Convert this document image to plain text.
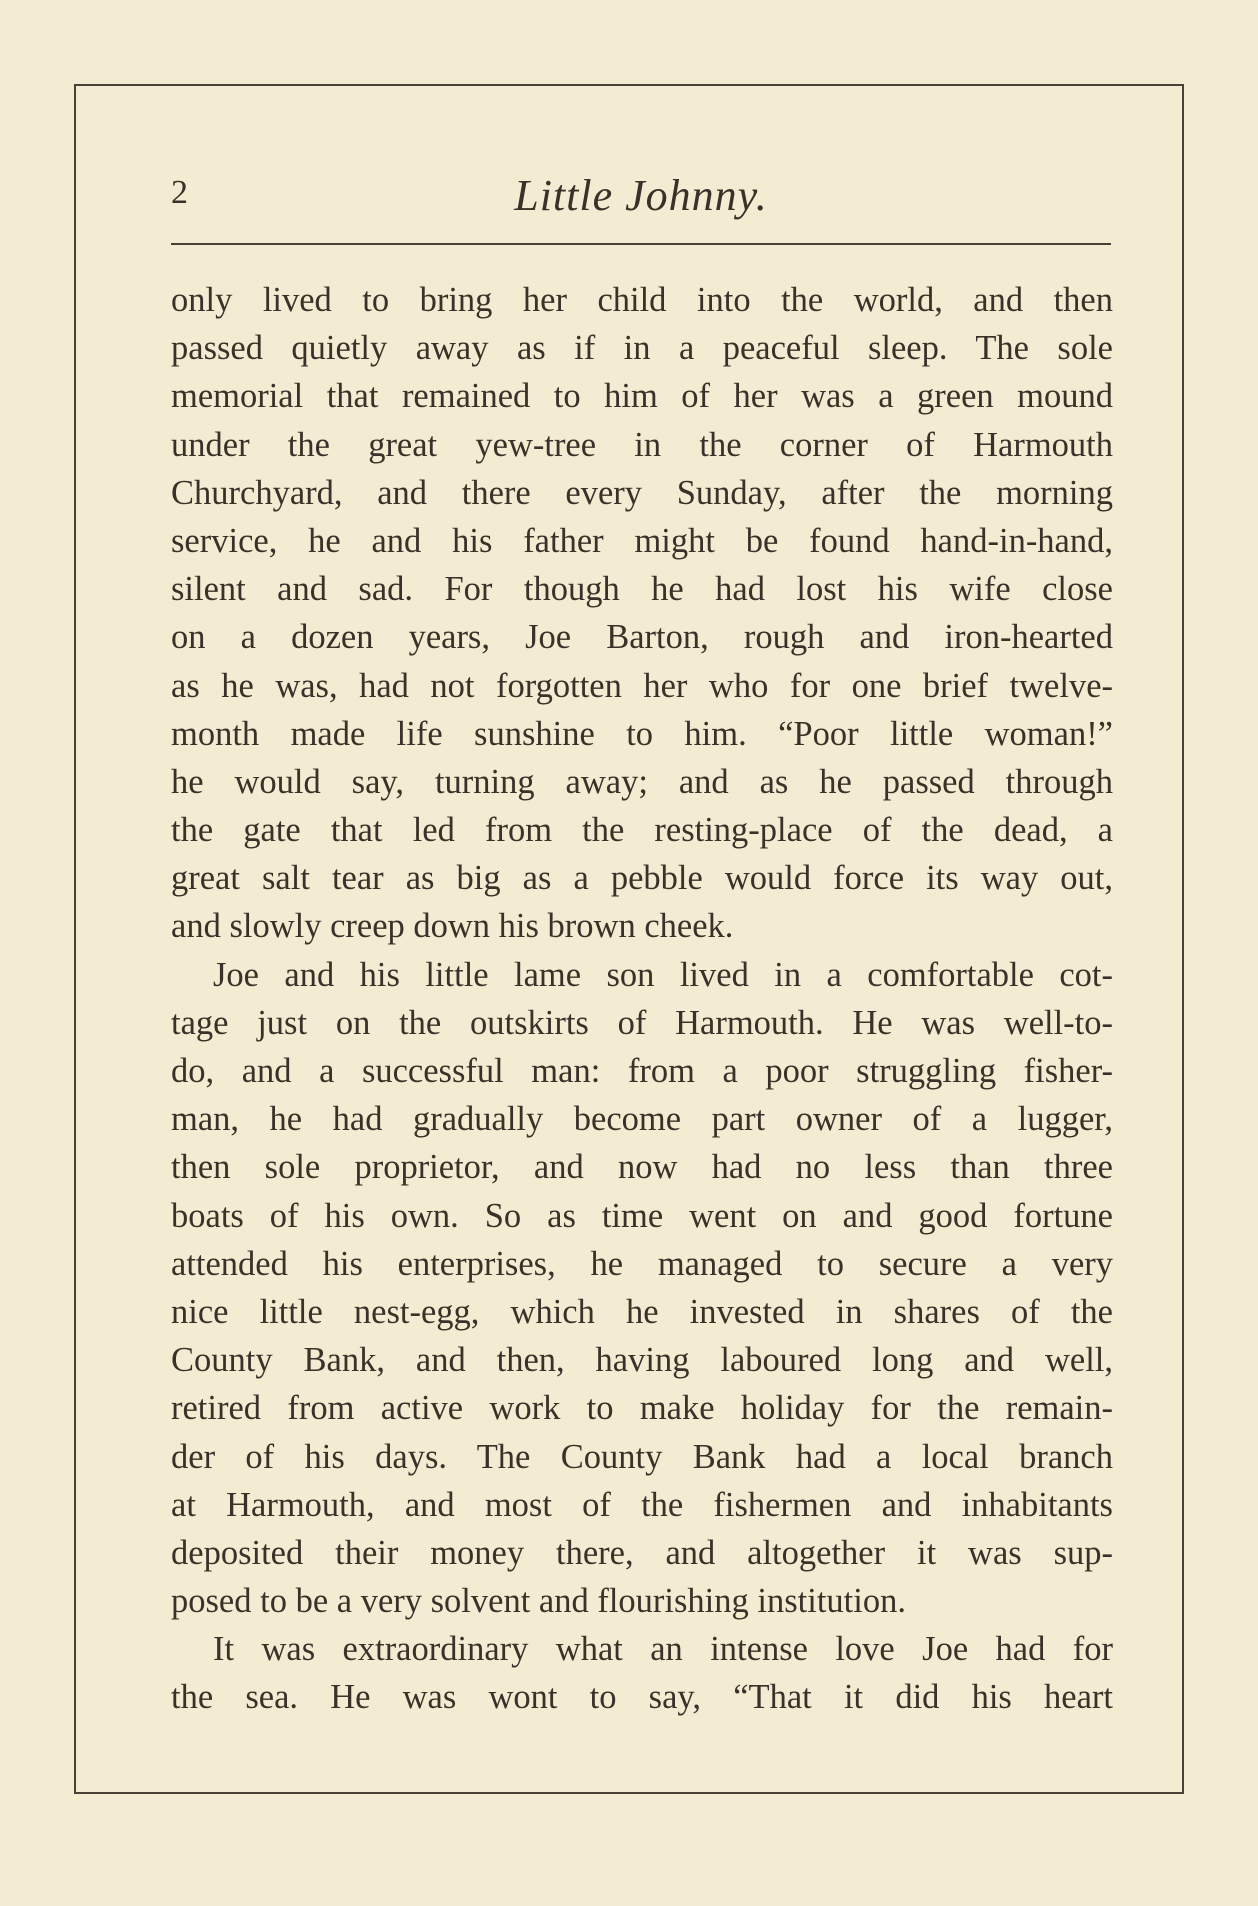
2	Little Johnny.
only lived to bring her child into the world, and then
passed quietly away as if in a peaceful sleep. The sole
memorial that remained to him of her was a green mound
under the great yew-tree in the corner of Harmouth
Churchyard, and there every Sunday, after the morning
service, he and his father might be found hand-in-hand,
silent and sad. For though he had lost his wife close
on a dozen years, Joe Barton, rough and iron-hearted
as he was, had not forgotten her who for one brief twelve-
month made life sunshine to him. “Poor little woman!”
he would say, turning away; and as he passed through
the gate that led from the resting-place of the dead, a
great salt tear as big as a pebble would force its way out,
and slowly creep down his brown cheek.
Joe and his little lame son lived in a comfortable cot-
tage just on the outskirts of Harmouth. He was well-to-
do, and a successful man: from a poor struggling fisher-
man, he had gradually become part owner of a lugger,
then sole proprietor, and now had no less than three
boats of his own. So as time went on and good fortune
attended his enterprises, he managed to secure a very
nice little nest-egg, which he invested in shares of the
County Bank, and then, having laboured long and well,
retired from active work to make holiday for the remain-
der of his days. The County Bank had a local branch
at Harmouth, and most of the fishermen and inhabitants
deposited their money there, and altogether it was sup-
posed to be a very solvent and flourishing institution.
It was extraordinary what an intense love Joe had for
the sea. He was wont to say, “That it did his heart
